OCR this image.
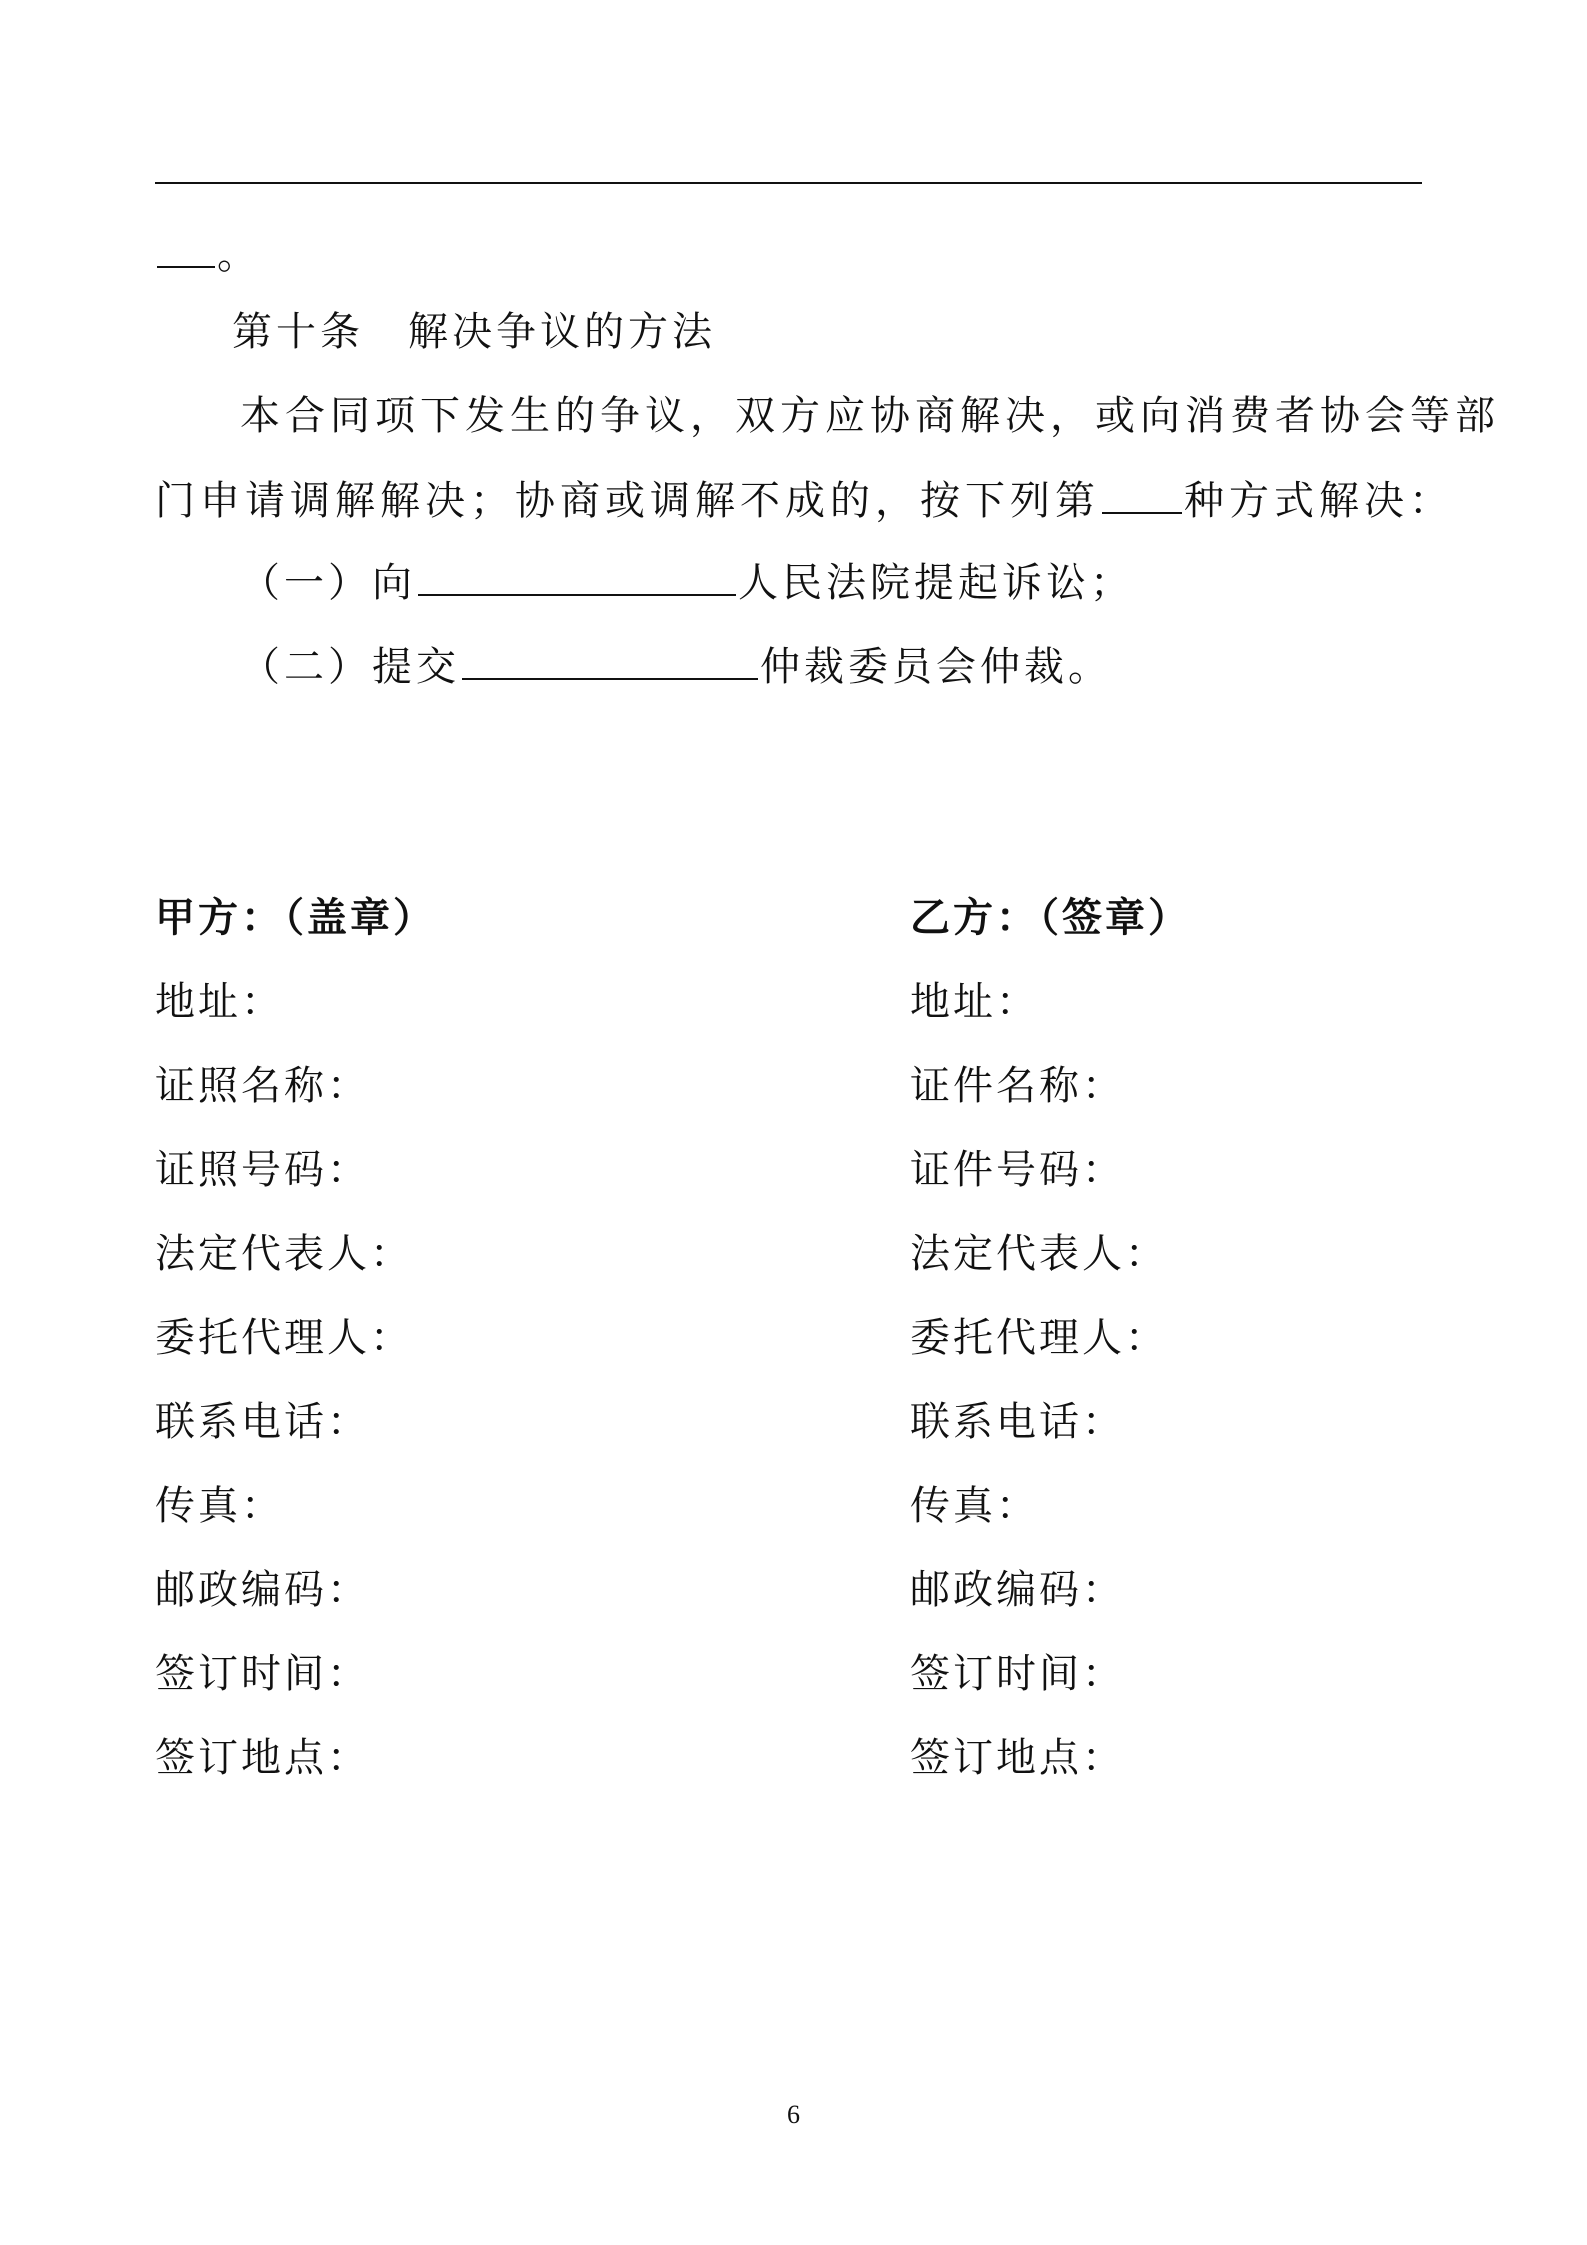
。
第十条　解决争议的方法
本合同项下发生的争议，双方应协商解决，或向消费者协会等部
门申请调解解决；协商或调解不成的，按下列第 种方式解决：
（一）向	人民法院提起诉讼；
（二）提交	仲裁委员会仲裁。
甲方：（盖章）
地址：
证照名称：
证照号码：
法定代表人：
委托代理人：
联系电话：
传真：
邮政编码：
签订时间：
签订地点：
乙方：（签章）
地址：
证件名称：
证件号码：
法定代表人：
委托代理人：
联系电话：
传真：
邮政编码：
签订时间：
签订地点：
6
